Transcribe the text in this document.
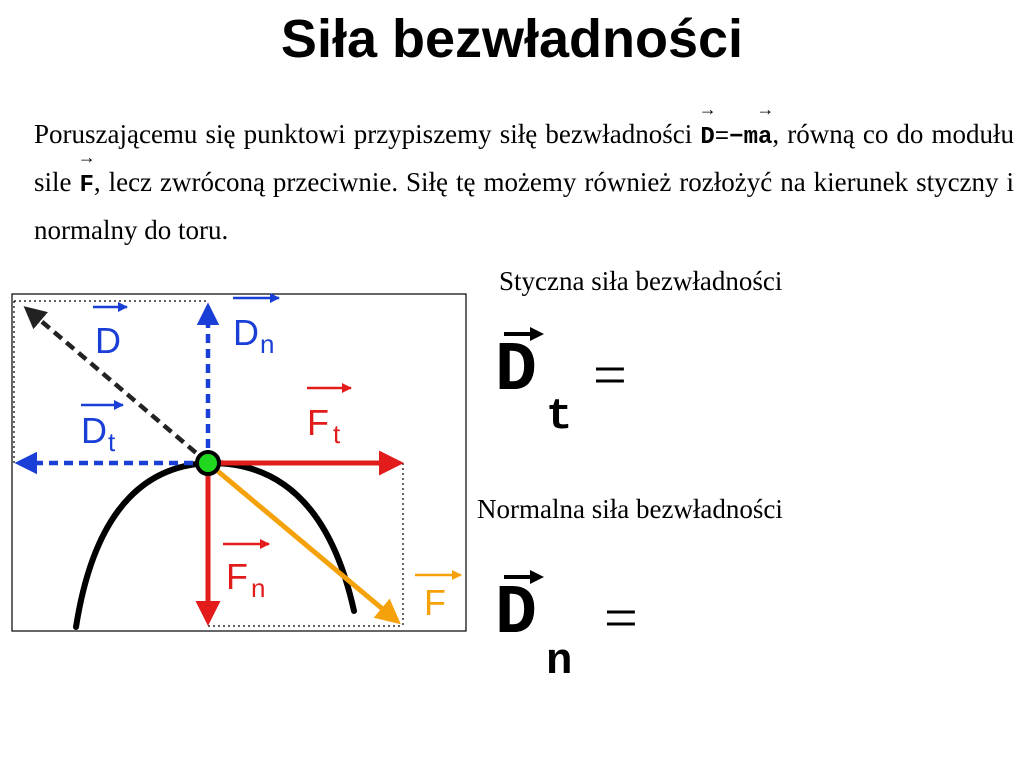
Siła bezwładności

Poruszającemu się punktowi przypiszemy siłę bezwładności
→
D=−m
→
a, równą co do modułu sile
→
F, lecz zwróconą przeciwnie. Siłę tę możemy również rozłożyć na kierunek styczny i normalny do toru.

D	D n
D t	F t
F n	F
Styczna siła bezwładności
D
t
=
Normalna siła bezwładności
D
n
=
